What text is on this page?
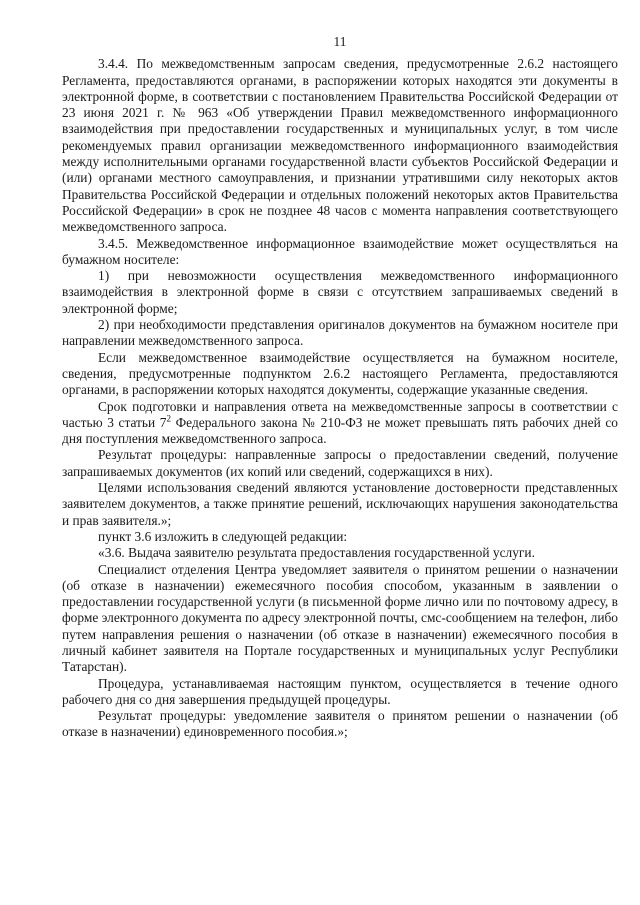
11

3.4.4. По межведомственным запросам сведения, предусмотренные 2.6.2 настоящего Регламента, предоставляются органами, в распоряжении которых находятся эти документы в электронной форме, в соответствии с постановлением Правительства Российской Федерации от 23 июня 2021 г. № 963 «Об утверждении Правил межведомственного информационного взаимодействия при предоставлении государственных и муниципальных услуг, в том числе рекомендуемых правил организации межведомственного информационного взаимодействия между исполнительными органами государственной власти субъектов Российской Федерации и (или) органами местного самоуправления, и признании утратившими силу некоторых актов Правительства Российской Федерации и отдельных положений некоторых актов Правительства Российской Федерации» в срок не позднее 48 часов с момента направления соответствующего межведомственного запроса.

3.4.5. Межведомственное информационное взаимодействие может осуществляться на бумажном носителе:

1) при невозможности осуществления межведомственного информационного взаимодействия в электронной форме в связи с отсутствием запрашиваемых сведений в электронной форме;

2) при необходимости представления оригиналов документов на бумажном носителе при направлении межведомственного запроса.

Если межведомственное взаимодействие осуществляется на бумажном носителе, сведения, предусмотренные подпунктом 2.6.2 настоящего Регламента, предоставляются органами, в распоряжении которых находятся документы, содержащие указанные сведения.

Срок подготовки и направления ответа на межведомственные запросы в соответствии с частью 3 статьи $7^2$ Федерального закона № 210-ФЗ не может превышать пять рабочих дней со дня поступления межведомственного запроса.

Результат процедуры: направленные запросы о предоставлении сведений, получение запрашиваемых документов (их копий или сведений, содержащихся в них).

Целями использования сведений являются установление достоверности представленных заявителем документов, а также принятие решений, исключающих нарушения законодательства и прав заявителя.»;

пункт 3.6 изложить в следующей редакции:

«3.6. Выдача заявителю результата предоставления государственной услуги.

Специалист отделения Центра уведомляет заявителя о принятом решении о назначении (об отказе в назначении) ежемесячного пособия способом, указанным в заявлении о предоставлении государственной услуги (в письменной форме лично или по почтовому адресу, в форме электронного документа по адресу электронной почты, смс-сообщением на телефон, либо путем направления решения о назначении (об отказе в назначении) ежемесячного пособия в личный кабинет заявителя на Портале государственных и муниципальных услуг Республики Татарстан).

Процедура, устанавливаемая настоящим пунктом, осуществляется в течение одного рабочего дня со дня завершения предыдущей процедуры.

Результат процедуры: уведомление заявителя о принятом решении о назначении (об отказе в назначении) единовременного пособия.»;
